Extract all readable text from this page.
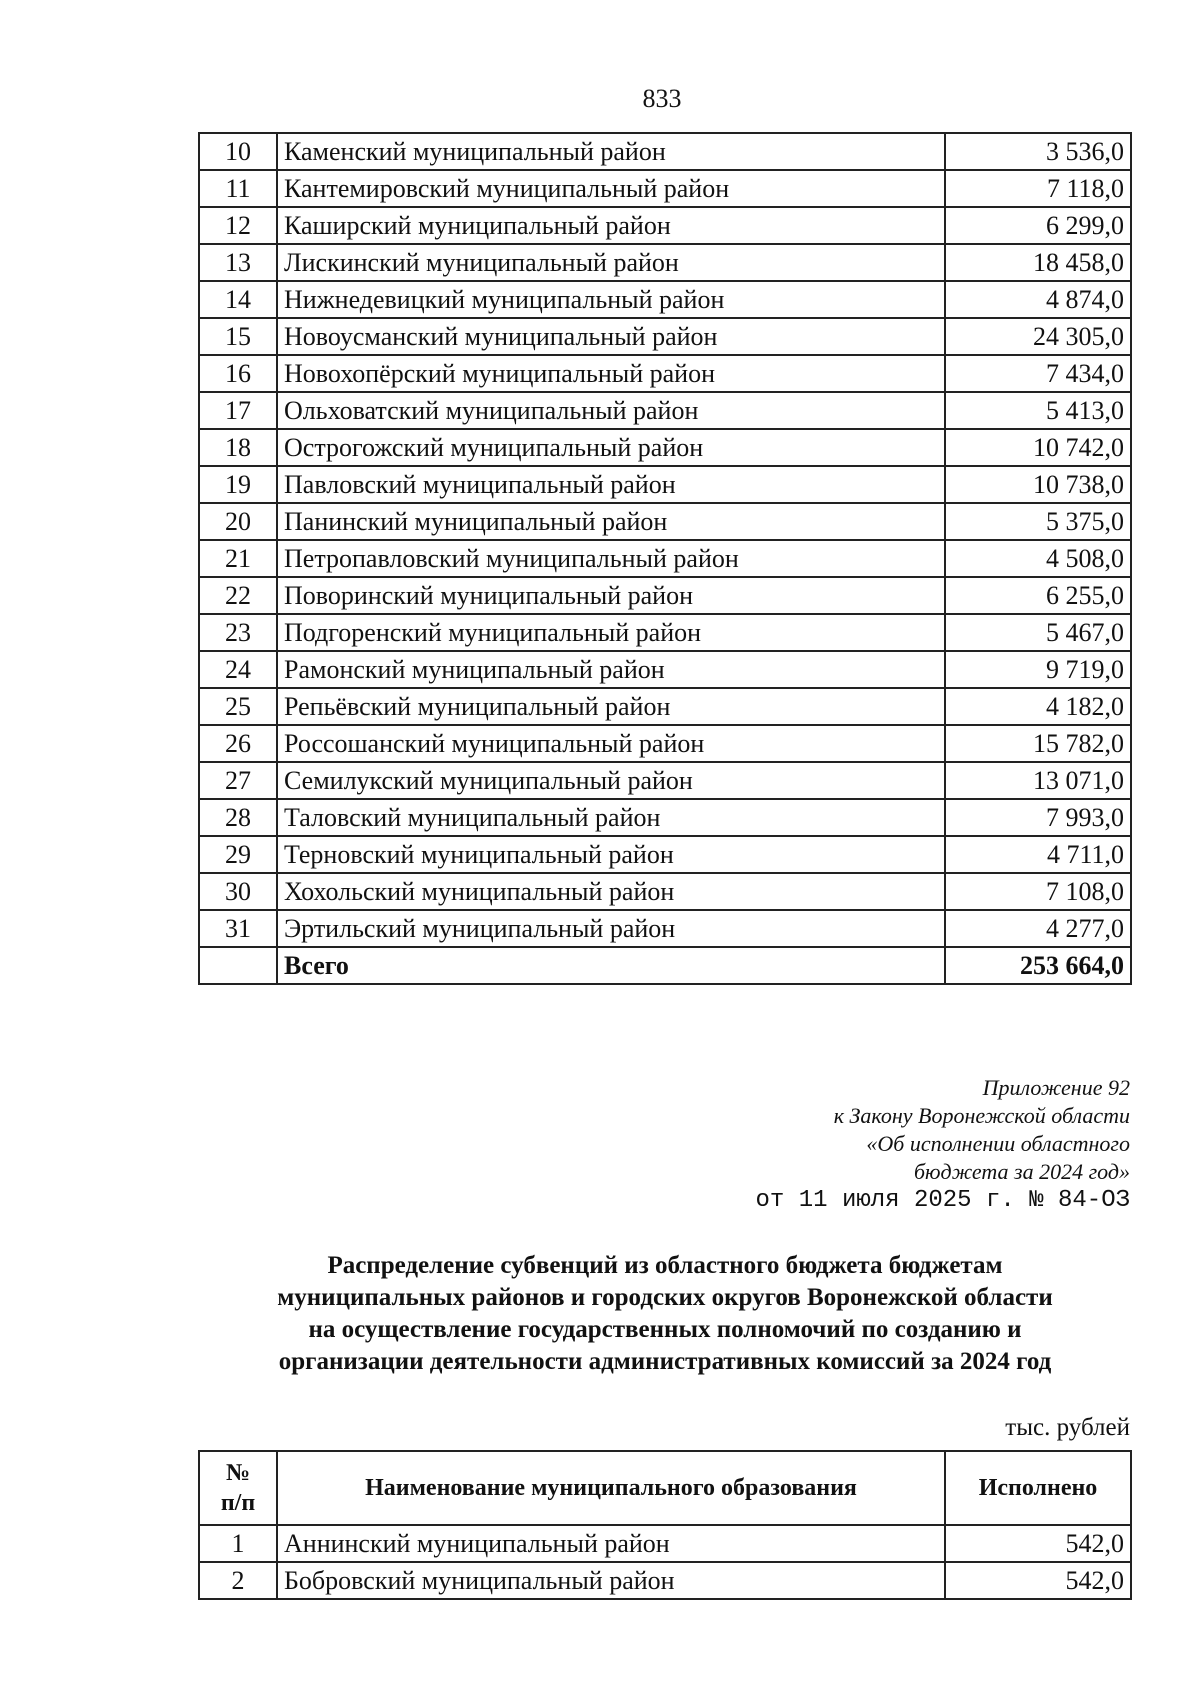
833
10	Каменский муниципальный район	3 536,0
11	Кантемировский муниципальный район	7 118,0
12	Каширский муниципальный район	6 299,0
13	Лискинский муниципальный район	18 458,0
14	Нижнедевицкий муниципальный район	4 874,0
15	Новоусманский муниципальный район	24 305,0
16	Новохопёрский муниципальный район	7 434,0
17	Ольховатский муниципальный район	5 413,0
18	Острогожский муниципальный район	10 742,0
19	Павловский муниципальный район	10 738,0
20	Панинский муниципальный район	5 375,0
21	Петропавловский муниципальный район	4 508,0
22	Поворинский муниципальный район	6 255,0
23	Подгоренский муниципальный район	5 467,0
24	Рамонский муниципальный район	9 719,0
25	Репьёвский муниципальный район	4 182,0
26	Россошанский муниципальный район	15 782,0
27	Семилукский муниципальный район	13 071,0
28	Таловский муниципальный район	7 993,0
29	Терновский муниципальный район	4 711,0
30	Хохольский муниципальный район	7 108,0
31	Эртильский муниципальный район	4 277,0
	Всего	253 664,0
Приложение 92
к Закону Воронежской области
«Об исполнении областного
бюджета за 2024 год»
от 11 июля 2025 г. № 84-ОЗ
Распределение субвенций из областного бюджета бюджетам
муниципальных районов и городских округов Воронежской области
на осуществление государственных полномочий по созданию и
организации деятельности административных комиссий за 2024 год
тыс. рублей
№
п/п	Наименование муниципального образования	Исполнено
1	Аннинский муниципальный район	542,0
2	Бобровский муниципальный район	542,0
